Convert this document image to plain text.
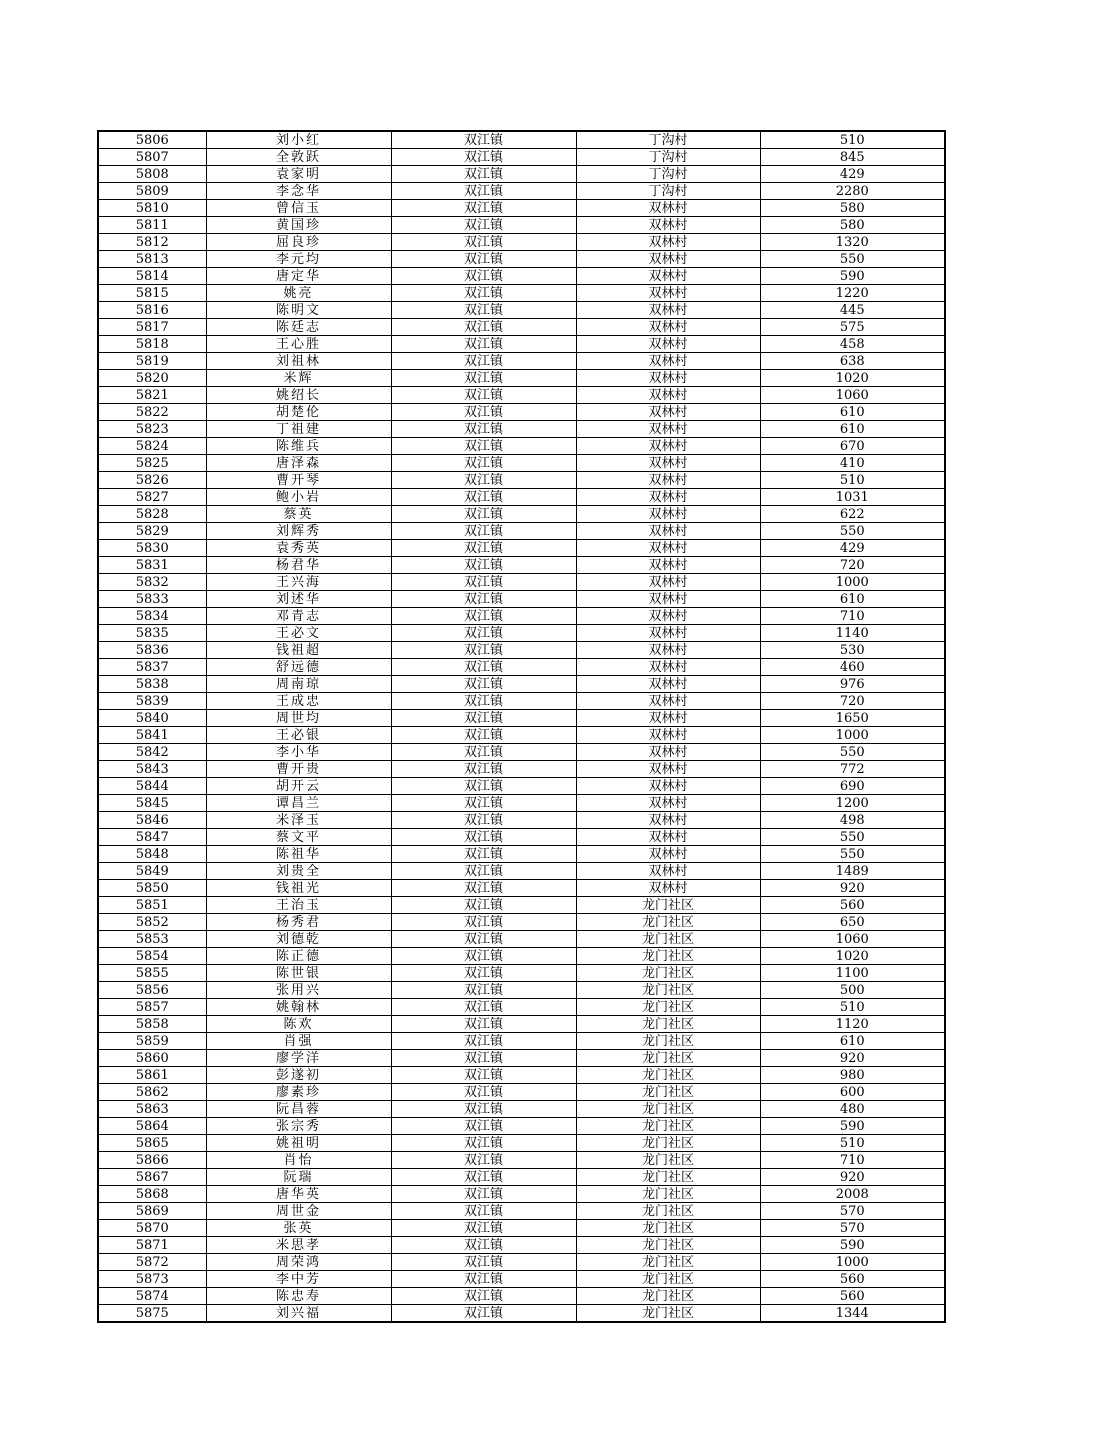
5806	刘小红	双江镇	丁沟村	510
5807	全敦跃	双江镇	丁沟村	845
5808	袁家明	双江镇	丁沟村	429
5809	李念华	双江镇	丁沟村	2280
5810	曾信玉	双江镇	双林村	580
5811	黄国珍	双江镇	双林村	580
5812	屈良珍	双江镇	双林村	1320
5813	李元均	双江镇	双林村	550
5814	唐定华	双江镇	双林村	590
5815	姚亮	双江镇	双林村	1220
5816	陈明文	双江镇	双林村	445
5817	陈廷志	双江镇	双林村	575
5818	王心胜	双江镇	双林村	458
5819	刘祖林	双江镇	双林村	638
5820	米辉	双江镇	双林村	1020
5821	姚绍长	双江镇	双林村	1060
5822	胡楚伦	双江镇	双林村	610
5823	丁祖建	双江镇	双林村	610
5824	陈维兵	双江镇	双林村	670
5825	唐泽森	双江镇	双林村	410
5826	曹开琴	双江镇	双林村	510
5827	鲍小岩	双江镇	双林村	1031
5828	蔡英	双江镇	双林村	622
5829	刘辉秀	双江镇	双林村	550
5830	袁秀英	双江镇	双林村	429
5831	杨君华	双江镇	双林村	720
5832	王兴海	双江镇	双林村	1000
5833	刘述华	双江镇	双林村	610
5834	邓青志	双江镇	双林村	710
5835	王必文	双江镇	双林村	1140
5836	钱祖超	双江镇	双林村	530
5837	舒远德	双江镇	双林村	460
5838	周南琼	双江镇	双林村	976
5839	王成忠	双江镇	双林村	720
5840	周世均	双江镇	双林村	1650
5841	王必银	双江镇	双林村	1000
5842	李小华	双江镇	双林村	550
5843	曹开贵	双江镇	双林村	772
5844	胡开云	双江镇	双林村	690
5845	谭昌兰	双江镇	双林村	1200
5846	米泽玉	双江镇	双林村	498
5847	蔡文平	双江镇	双林村	550
5848	陈祖华	双江镇	双林村	550
5849	刘贵全	双江镇	双林村	1489
5850	钱祖光	双江镇	双林村	920
5851	王治玉	双江镇	龙门社区	560
5852	杨秀君	双江镇	龙门社区	650
5853	刘德乾	双江镇	龙门社区	1060
5854	陈正德	双江镇	龙门社区	1020
5855	陈世银	双江镇	龙门社区	1100
5856	张用兴	双江镇	龙门社区	500
5857	姚翰林	双江镇	龙门社区	510
5858	陈欢	双江镇	龙门社区	1120
5859	肖强	双江镇	龙门社区	610
5860	廖学洋	双江镇	龙门社区	920
5861	彭遂初	双江镇	龙门社区	980
5862	廖素珍	双江镇	龙门社区	600
5863	阮昌蓉	双江镇	龙门社区	480
5864	张宗秀	双江镇	龙门社区	590
5865	姚祖明	双江镇	龙门社区	510
5866	肖怡	双江镇	龙门社区	710
5867	阮瑞	双江镇	龙门社区	920
5868	唐华英	双江镇	龙门社区	2008
5869	周世金	双江镇	龙门社区	570
5870	张英	双江镇	龙门社区	570
5871	米思孝	双江镇	龙门社区	590
5872	周荣鸿	双江镇	龙门社区	1000
5873	李中芳	双江镇	龙门社区	560
5874	陈忠寿	双江镇	龙门社区	560
5875	刘兴福	双江镇	龙门社区	1344
